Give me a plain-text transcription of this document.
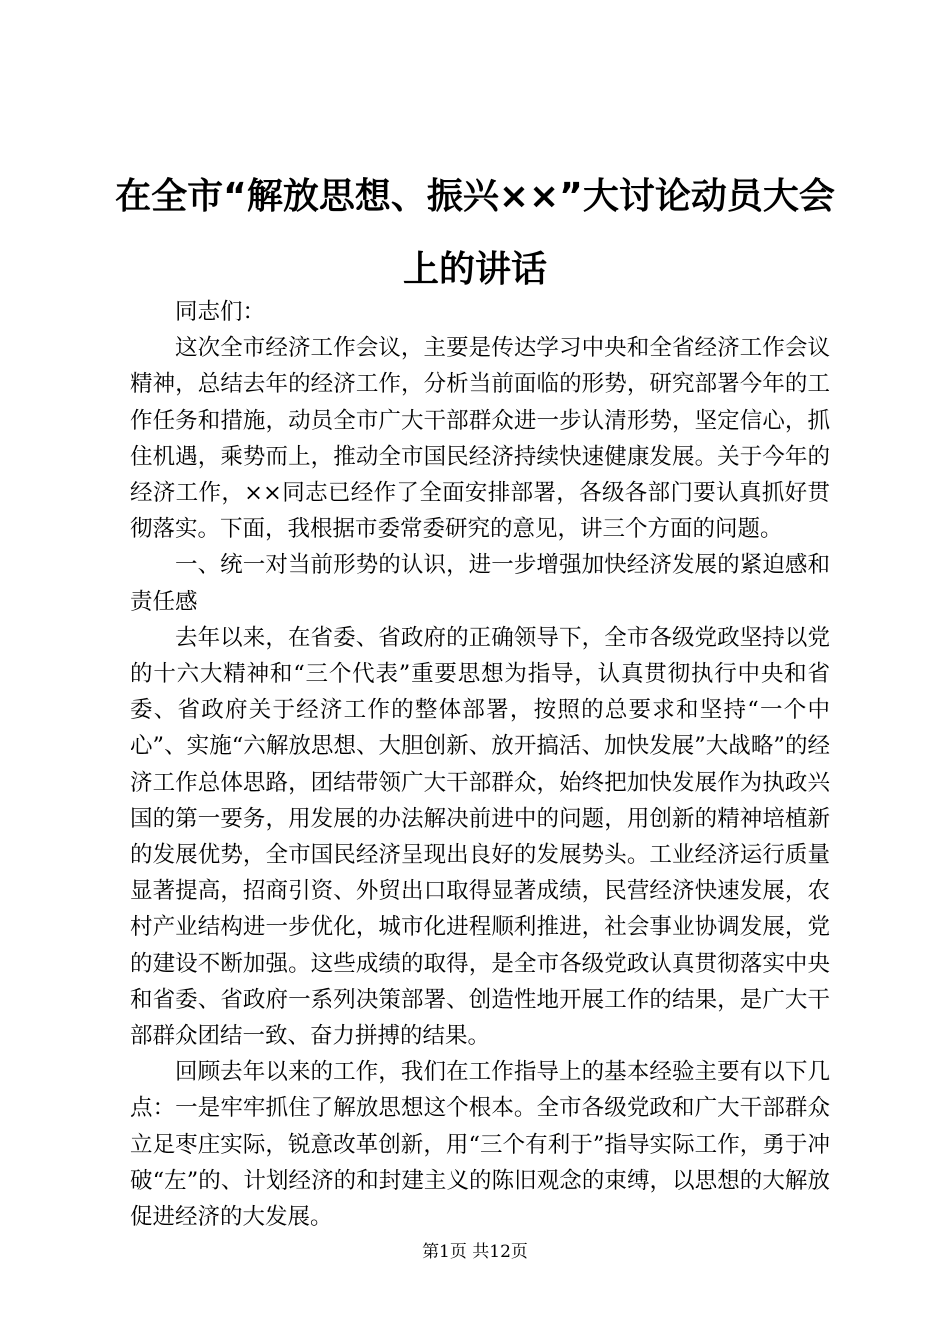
在全市“解放思想、振兴××”大讨论动员大会上的讲话

同志们：

这次全市经济工作会议，主要是传达学习中央和全省经济工作会议精神，总结去年的经济工作，分析当前面临的形势，研究部署今年的工作任务和措施，动员全市广大干部群众进一步认清形势，坚定信心，抓住机遇，乘势而上，推动全市国民经济持续快速健康发展。关于今年的经济工作，××同志已经作了全面安排部署，各级各部门要认真抓好贯彻落实。下面，我根据市委常委研究的意见，讲三个方面的问题。

一、统一对当前形势的认识，进一步增强加快经济发展的紧迫感和责任感

去年以来，在省委、省政府的正确领导下，全市各级党政坚持以党的十六大精神和“三个代表”重要思想为指导，认真贯彻执行中央和省委、省政府关于经济工作的整体部署，按照的总要求和坚持“一个中心”、实施“六解放思想、大胆创新、放开搞活、加快发展”大战略”的经济工作总体思路，团结带领广大干部群众，始终把加快发展作为执政兴国的第一要务，用发展的办法解决前进中的问题，用创新的精神培植新的发展优势，全市国民经济呈现出良好的发展势头。工业经济运行质量显著提高，招商引资、外贸出口取得显著成绩，民营经济快速发展，农村产业结构进一步优化，城市化进程顺利推进，社会事业协调发展，党的建设不断加强。这些成绩的取得，是全市各级党政认真贯彻落实中央和省委、省政府一系列决策部署、创造性地开展工作的结果，是广大干部群众团结一致、奋力拼搏的结果。

回顾去年以来的工作，我们在工作指导上的基本经验主要有以下几点：一是牢牢抓住了解放思想这个根本。全市各级党政和广大干部群众立足枣庄实际，锐意改革创新，用“三个有利于”指导实际工作，勇于冲破“左”的、计划经济的和封建主义的陈旧观念的束缚，以思想的大解放促进经济的大发展。

第1页 共12页
